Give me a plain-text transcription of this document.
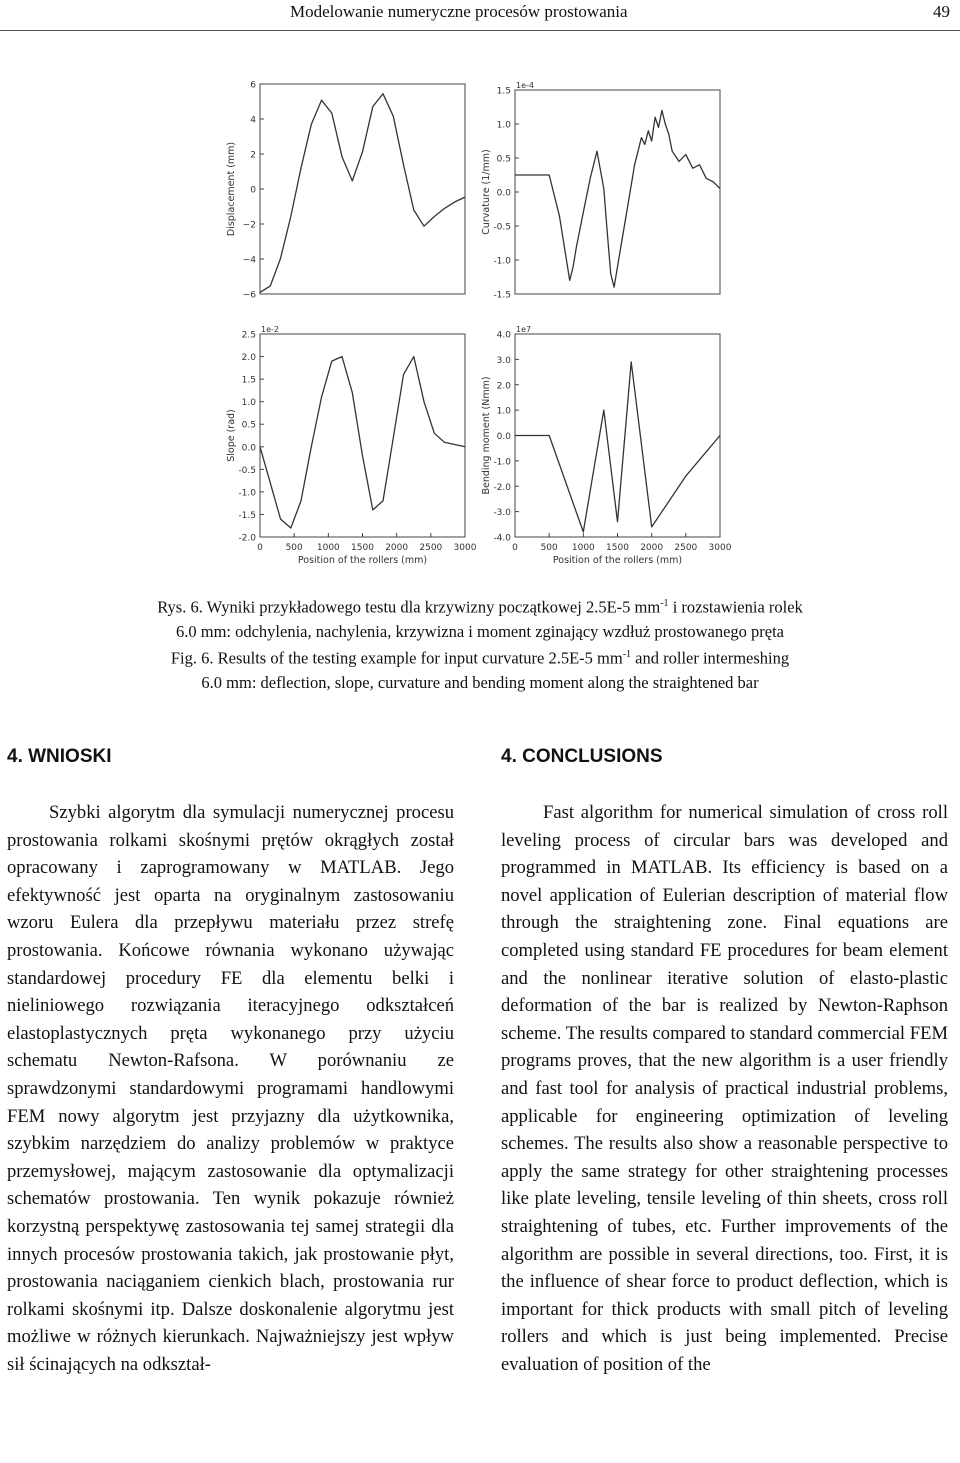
Modelowanie numeryczne procesów prostowania	49
6
4
2
0
−2
−4
−6
Displacement (mm)
1.5
1.0
0.5
0.0
-0.5
-1.0
-1.5
Curvature (1/mm)
1e-4
2.5
2.0
1.5
1.0
0.5
0.0
-0.5
-1.0
-1.5
-2.0
0	500 1000 1500 2000 2500 3000
Position of the rollers (mm)
Slope (rad)
1e-2
4.0
3.0
2.0
1.0
0.0
-1.0
-2.0
-3.0
-4.0
0	500 1000 1500 2000 2500 3000
Position of the rollers (mm)
Bending moment (Nmm)
1e7
Rys. 6. Wyniki przykładowego testu dla krzywizny początkowej 2.5E-5 $mm^{-1}$ i rozstawienia rolek
6.0 mm: odchylenia, nachylenia, krzywizna i moment zginający wzdłuż prostowanego pręta
Fig. 6. Results of the testing example for input curvature 2.5E-5 $mm^{-1}$ and roller intermeshing
6.0 mm: deflection, slope, curvature and bending moment along the straightened bar
4. WNIOSKI	4. CONCLUSIONS

Szybki algorytm dla symulacji numerycznej procesu prostowania rolkami skośnymi prętów okrągłych został opracowany i zaprogramowany w MATLAB. Jego efektywność jest oparta na oryginalnym zastosowaniu wzoru Eulera dla przepływu materiału przez strefę prostowania. Końcowe równania wykonano używając standardowej procedury FE dla elementu belki i nieliniowego rozwiązania iteracyjnego odkształceń elastoplastycznych pręta wykonanego przy użyciu schematu Newton-Rafsona. W porównaniu ze sprawdzonymi standardowymi programami handlowymi FEM nowy algorytm jest przyjazny dla użytkownika, szybkim narzędziem do analizy problemów w praktyce przemysłowej, mającym zastosowanie dla optymalizacji schematów prostowania. Ten wynik pokazuje również korzystną perspektywę zastosowania tej samej strategii dla innych procesów prostowania takich, jak prostowanie płyt, prostowania naciąganiem cienkich blach, prostowania rur rolkami skośnymi itp. Dalsze doskonalenie algorytmu jest możliwe w różnych kierunkach. Najważniejszy jest wpływ sił ścinających na odkształ-

Fast algorithm for numerical simulation of cross roll leveling process of circular bars was developed and programmed in MATLAB. Its efficiency is based on a novel application of Eulerian description of material flow through the straightening zone. Final equations are completed using standard FE procedures for beam element and the nonlinear iterative solution of elasto-plastic deformation of the bar is realized by Newton-Raphson scheme. The results compared to standard commercial FEM programs proves, that the new algorithm is a user friendly and fast tool for analysis of practical industrial problems, applicable for engineering optimization of leveling schemes. The results also show a reasonable perspective to apply the same strategy for other straightening processes like plate leveling, tensile leveling of thin sheets, cross roll straightening of tubes, etc. Further improvements of the algorithm are possible in several directions, too. First, it is the influence of shear force to product deflection, which is important for thick products with small pitch of leveling rollers and which is just being implemented. Precise evaluation of position of the
